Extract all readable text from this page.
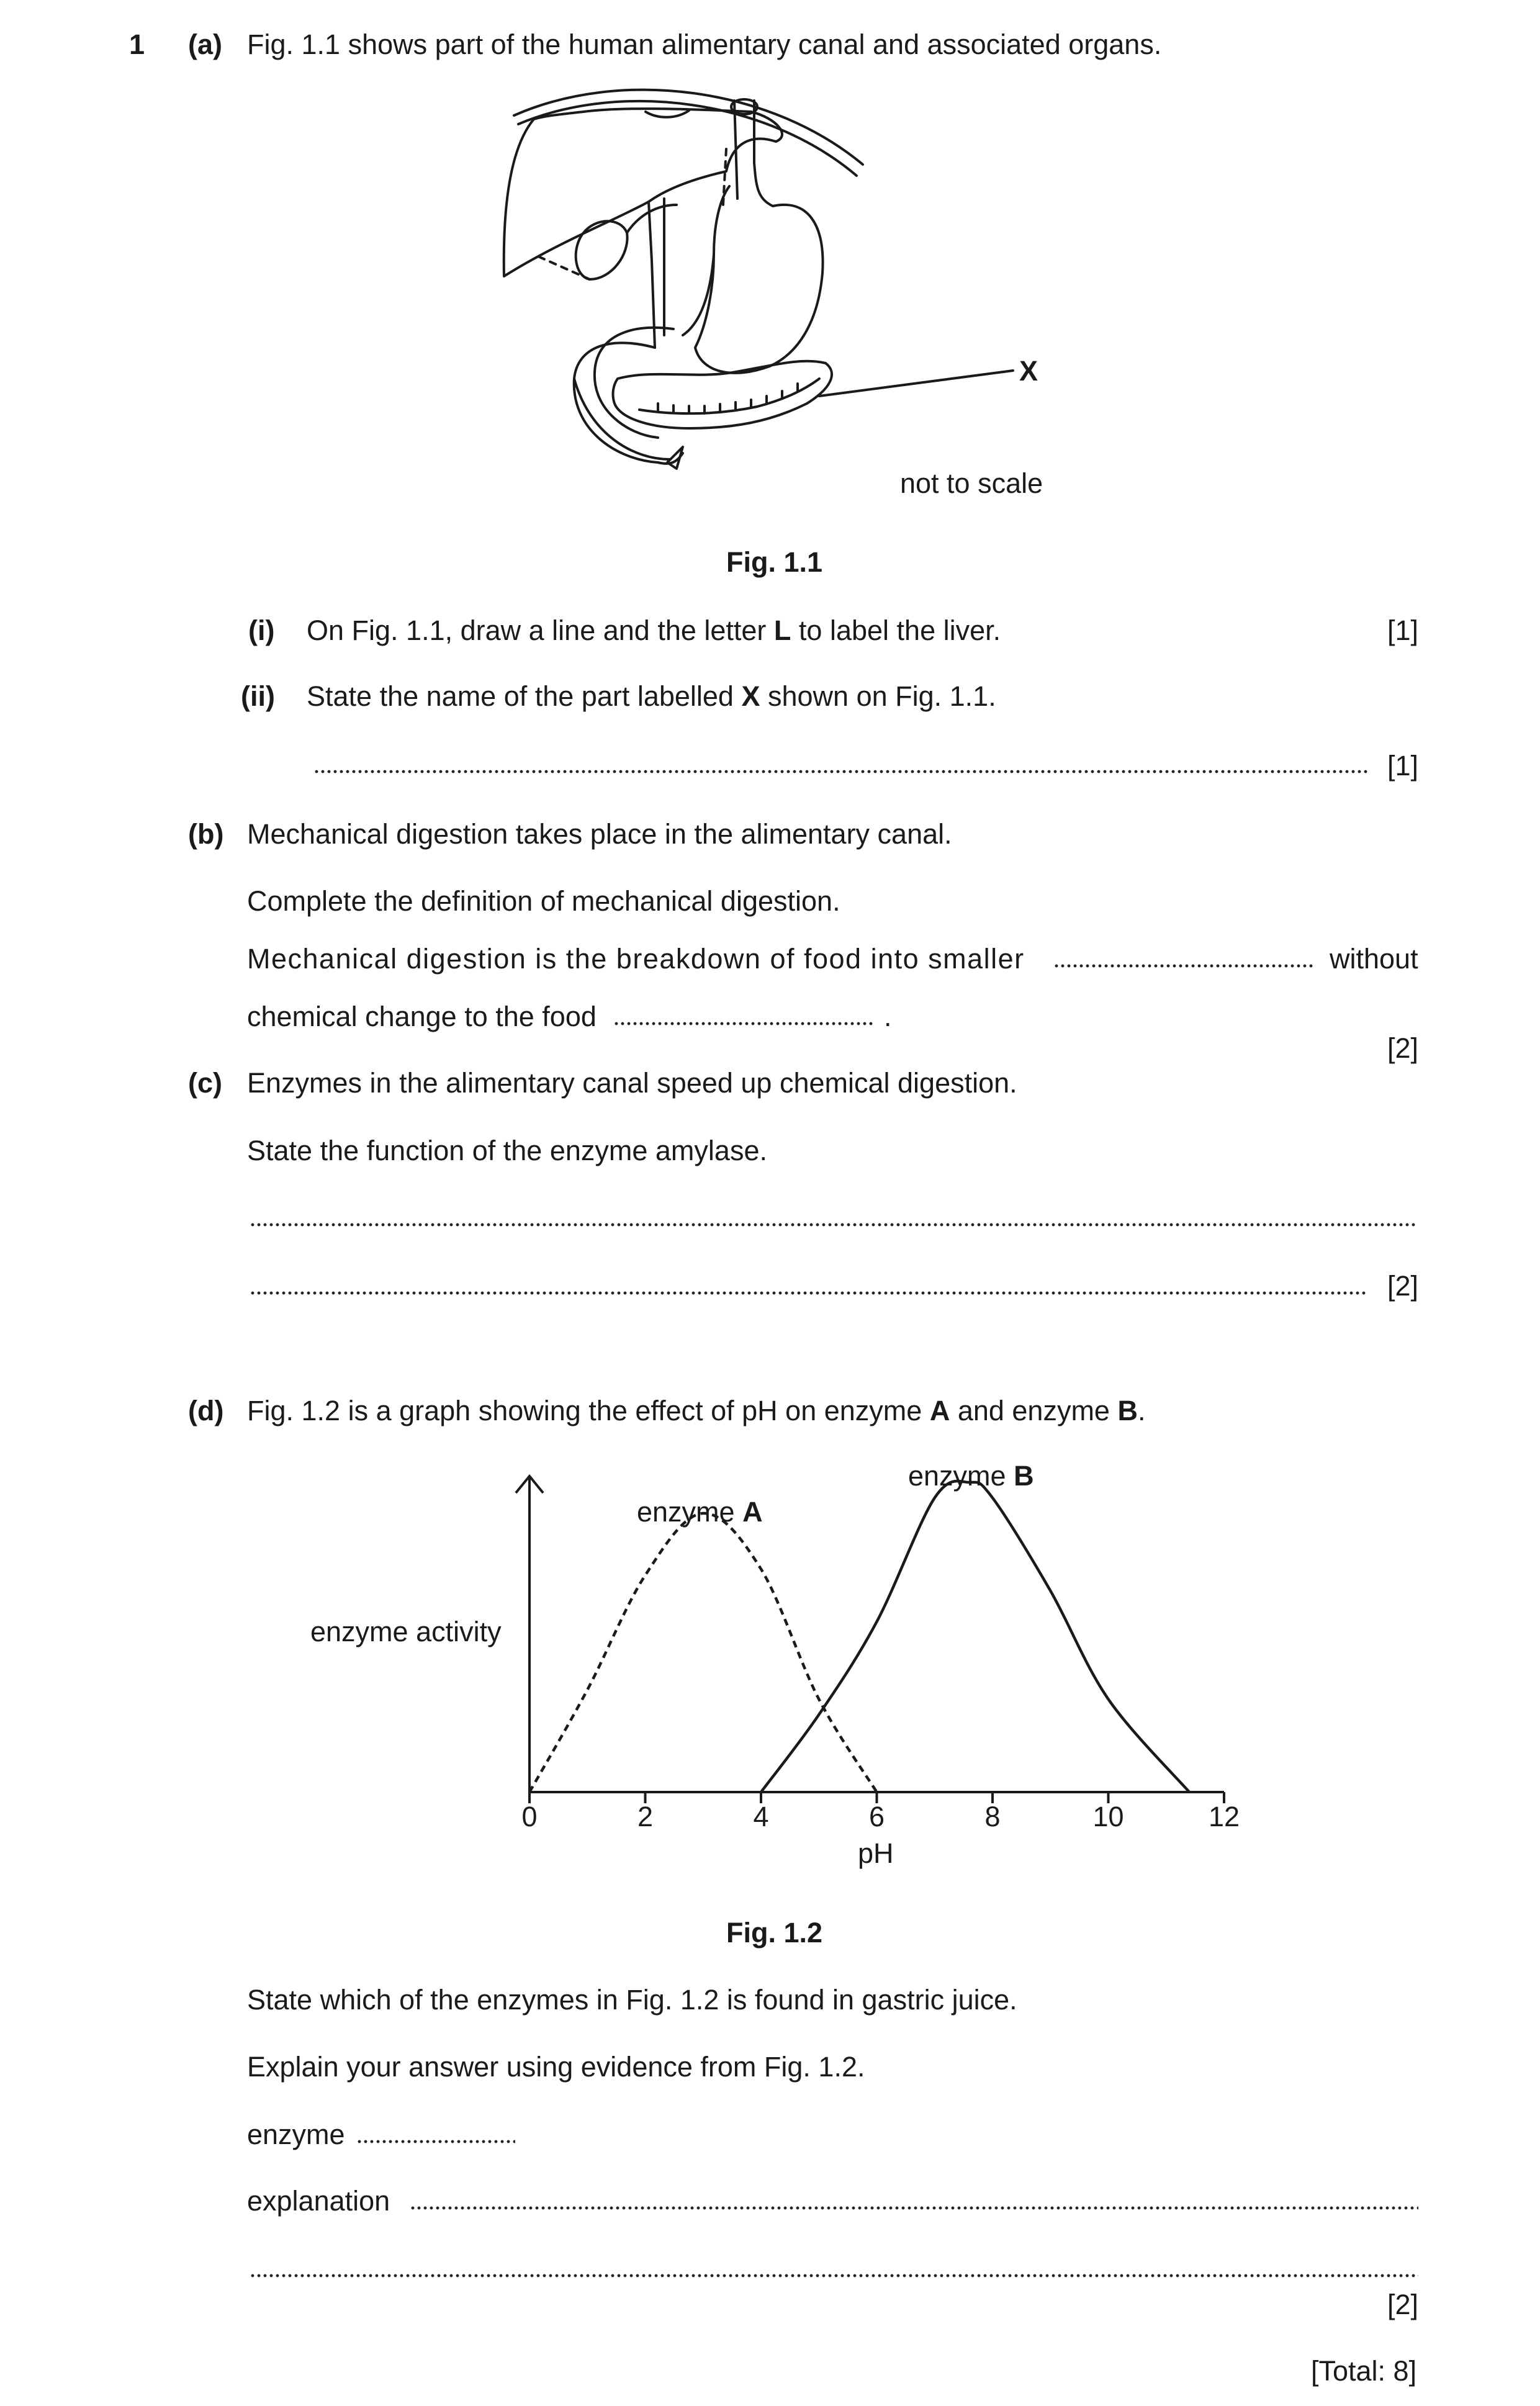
1 (a) Fig. 1.1 shows part of the human alimentary canal and associated organs.
X
not to scale
Fig. 1.1
(i) On Fig. 1.1, draw a line and the letter L to label the liver.	[1]
(ii) State the name of the part labelled X shown on Fig. 1.1.
[1]
(b) Mechanical digestion takes place in the alimentary canal.
Complete the definition of mechanical digestion.
Mechanical digestion is the breakdown of food into smaller	without
chemical change to the food	.
[2]
(c) Enzymes in the alimentary canal speed up chemical digestion.
State the function of the enzyme amylase.
[2]
(d) Fig. 1.2 is a graph showing the effect of pH on enzyme A and enzyme B.
0	2	4	6	8	10	12
enzyme activity
pH
enzyme A
enzyme B
Fig. 1.2
State which of the enzymes in Fig. 1.2 is found in gastric juice.
Explain your answer using evidence from Fig. 1.2.
enzyme
explanation
[2]
[Total: 8]
